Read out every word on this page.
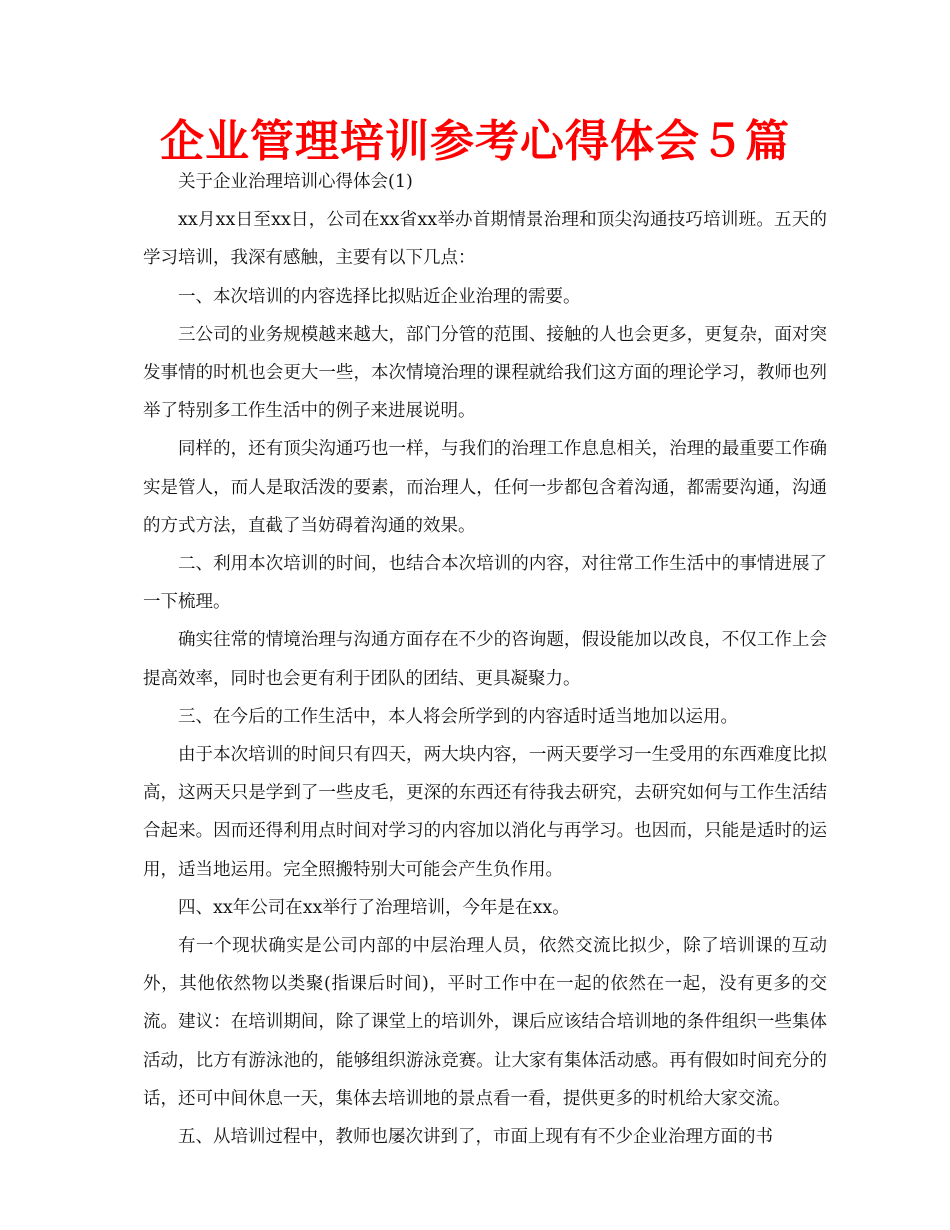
企业管理培训参考心得体会５篇

关于企业治理培训心得体会(1)

xx月xx日至xx日，公司在xx省xx举办首期情景治理和顶尖沟通技巧培训班。五天的学习培训，我深有感触，主要有以下几点：

一、本次培训的内容选择比拟贴近企业治理的需要。

三公司的业务规模越来越大，部门分管的范围、接触的人也会更多，更复杂，面对突发事情的时机也会更大一些，本次情境治理的课程就给我们这方面的理论学习，教师也列举了特别多工作生活中的例子来进展说明。

同样的，还有顶尖沟通巧也一样，与我们的治理工作息息相关，治理的最重要工作确实是管人，而人是取活泼的要素，而治理人，任何一步都包含着沟通，都需要沟通，沟通的方式方法，直截了当妨碍着沟通的效果。

二、利用本次培训的时间，也结合本次培训的内容，对往常工作生活中的事情进展了一下梳理。

确实往常的情境治理与沟通方面存在不少的咨询题，假设能加以改良，不仅工作上会提高效率，同时也会更有利于团队的团结、更具凝聚力。

三、在今后的工作生活中，本人将会所学到的内容适时适当地加以运用。

由于本次培训的时间只有四天，两大块内容，一两天要学习一生受用的东西难度比拟高，这两天只是学到了一些皮毛，更深的东西还有待我去研究，去研究如何与工作生活结合起来。因而还得利用点时间对学习的内容加以消化与再学习。也因而，只能是适时的运用，适当地运用。完全照搬特别大可能会产生负作用。

四、xx年公司在xx举行了治理培训，今年是在xx。

有一个现状确实是公司内部的中层治理人员，依然交流比拟少，除了培训课的互动外，其他依然物以类聚(指课后时间)，平时工作中在一起的依然在一起，没有更多的交流。建议：在培训期间，除了课堂上的培训外，课后应该结合培训地的条件组织一些集体活动，比方有游泳池的，能够组织游泳竞赛。让大家有集体活动感。再有假如时间充分的话，还可中间休息一天，集体去培训地的景点看一看，提供更多的时机给大家交流。

五、从培训过程中，教师也屡次讲到了，市面上现有有不少企业治理方面的书
